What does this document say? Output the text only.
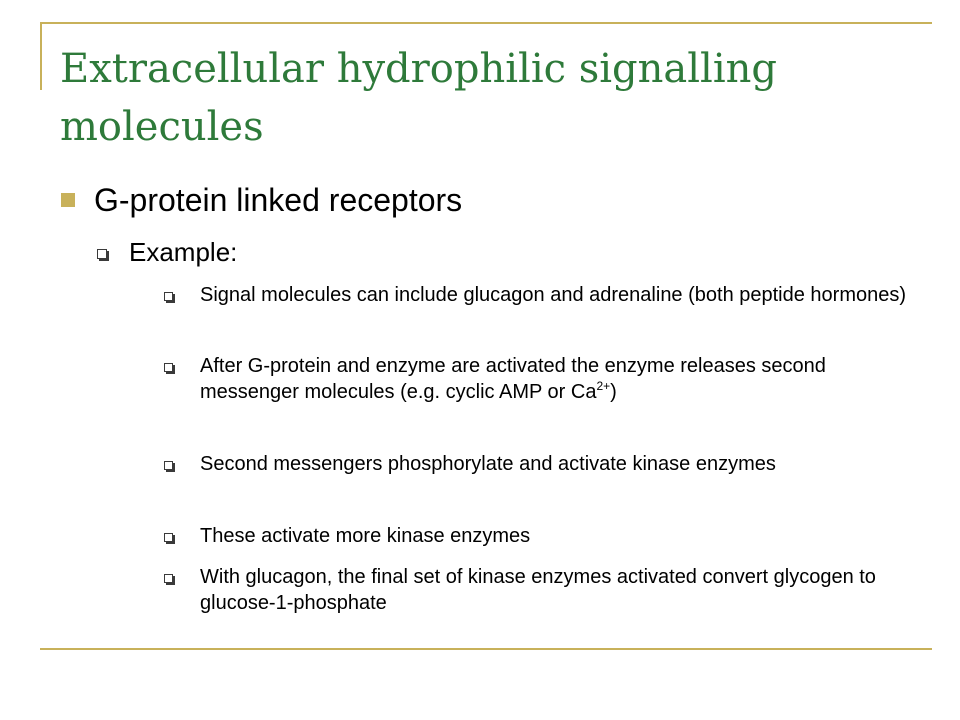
Extracellular hydrophilic signalling molecules
G-protein linked receptors
Example:
Signal molecules can include glucagon and adrenaline (both peptide hormones)
After G-protein and enzyme are activated the enzyme releases second messenger molecules (e.g. cyclic AMP or $Ca^{2+}$)
Second messengers phosphorylate and activate kinase enzymes
These activate more kinase enzymes
With glucagon, the final set of kinase enzymes activated convert glycogen to glucose-1-phosphate
